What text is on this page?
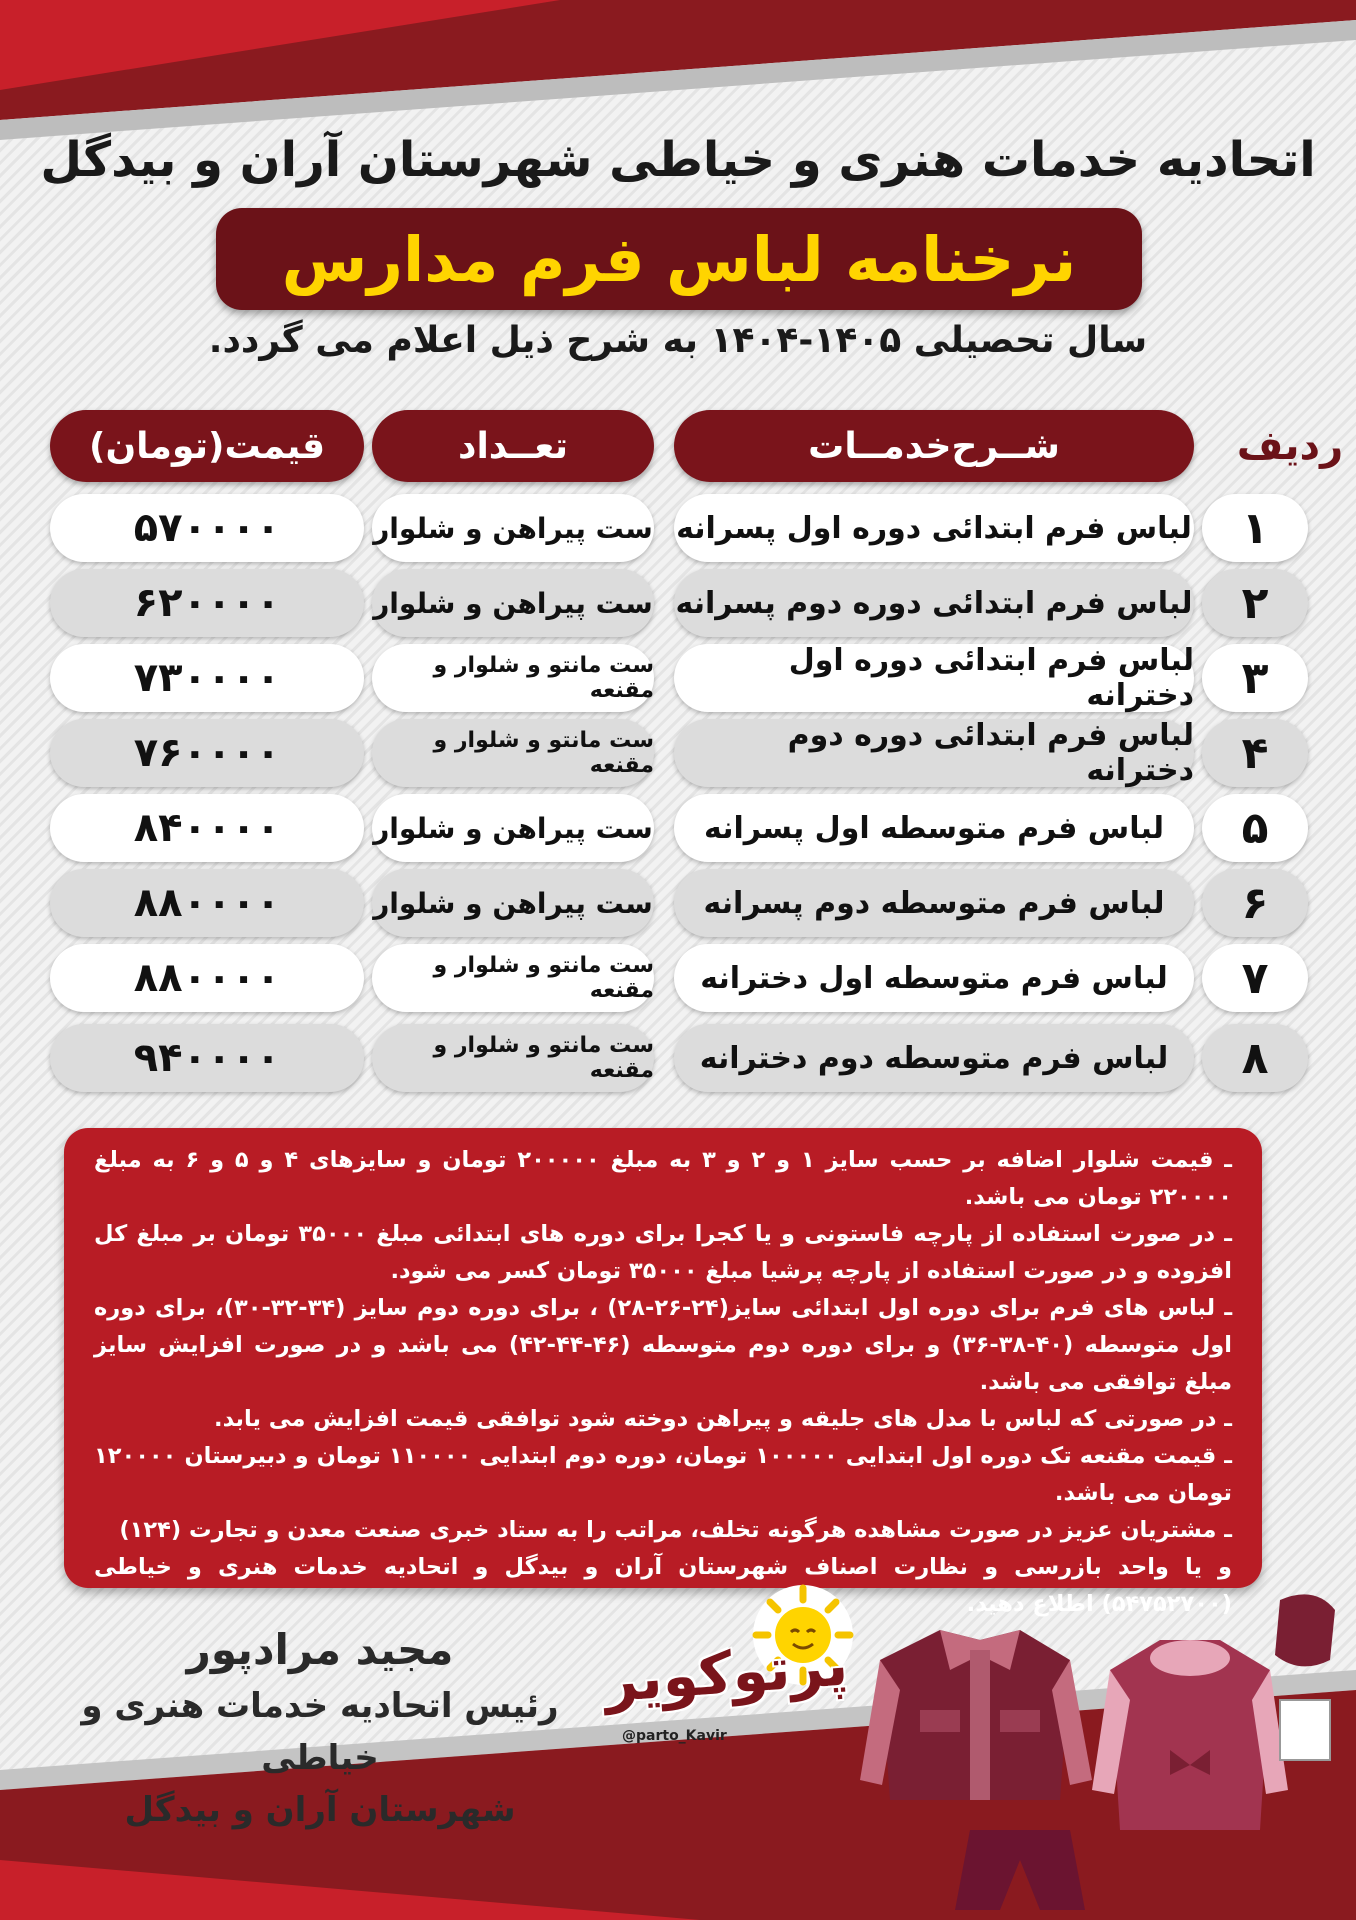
اتحادیه خدمات هنری و خیاطی شهرستان آران و بیدگل
نرخنامه لباس فرم مدارس
سال تحصیلی ۱۴۰۵-۱۴۰۴ به شرح ذیل اعلام می گردد.
ردیف
شــرح‌خدمــات
تعــداد
قیمت(تومان)
۱
لباس فرم ابتدائی دوره اول پسرانه
ست پیراهن و شلوار
۵۷۰۰۰۰
۲
لباس فرم ابتدائی دوره دوم پسرانه
ست پیراهن و شلوار
۶۲۰۰۰۰
۳
لباس فرم ابتدائی دوره اول دخترانه
ست مانتو و شلوار و مقنعه
۷۳۰۰۰۰
۴
لباس فرم ابتدائی دوره دوم دخترانه
ست مانتو و شلوار و مقنعه
۷۶۰۰۰۰
۵
لباس فرم متوسطه اول پسرانه
ست پیراهن و شلوار
۸۴۰۰۰۰
۶
لباس فرم متوسطه دوم پسرانه
ست پیراهن و شلوار
۸۸۰۰۰۰
۷
لباس فرم متوسطه اول دخترانه
ست مانتو و شلوار و مقنعه
۸۸۰۰۰۰
۸
لباس فرم متوسطه دوم دخترانه
ست مانتو و شلوار و مقنعه
۹۴۰۰۰۰

ـ قیمت شلوار اضافه بر حسب سایز ۱ و ۲ و ۳ به مبلغ ۲۰۰۰۰۰ تومان و سایزهای ۴ و ۵ و ۶ به مبلغ ۲۲۰۰۰۰ تومان می باشد.

ـ در صورت استفاده از پارچه فاستونی و یا کجرا برای دوره های ابتدائی مبلغ ۳۵۰۰۰ تومان بر مبلغ کل افزوده و در صورت استفاده از پارچه پرشیا مبلغ ۳۵۰۰۰ تومان کسر می شود.

ـ لباس های فرم برای دوره اول ابتدائی سایز(۲۴-۲۶-۲۸) ، برای دوره دوم سایز (۳۴-۳۲-۳۰)، برای دوره اول متوسطه (۴۰-۳۸-۳۶) و برای دوره دوم متوسطه (۴۶-۴۴-۴۲) می باشد و در صورت افزایش سایز مبلغ توافقی می باشد.

ـ در صورتی که لباس با مدل های جلیقه و پیراهن دوخته شود توافقی قیمت افزایش می یابد.

ـ قیمت مقنعه تک دوره اول ابتدایی ۱۰۰۰۰۰ تومان، دوره دوم ابتدایی ۱۱۰۰۰۰ تومان و دبیرستان ۱۲۰۰۰۰ تومان می باشد.

ـ مشتریان عزیز در صورت مشاهده هرگونه تخلف، مراتب را به ستاد خبری صنعت معدن و تجارت (۱۲۴)

و یا واحد بازرسی و نظارت اصناف شهرستان آران و بیدگل و اتحادیه خدمات هنری و خیاطی (۵۴۷۵۲۷۰۰) اطلاع دهید.

مجید مرادپور
رئیس اتحادیه خدمات هنری و خیاطی
شهرستان آران و بیدگل
پرتوکویر
@parto_Kavir
